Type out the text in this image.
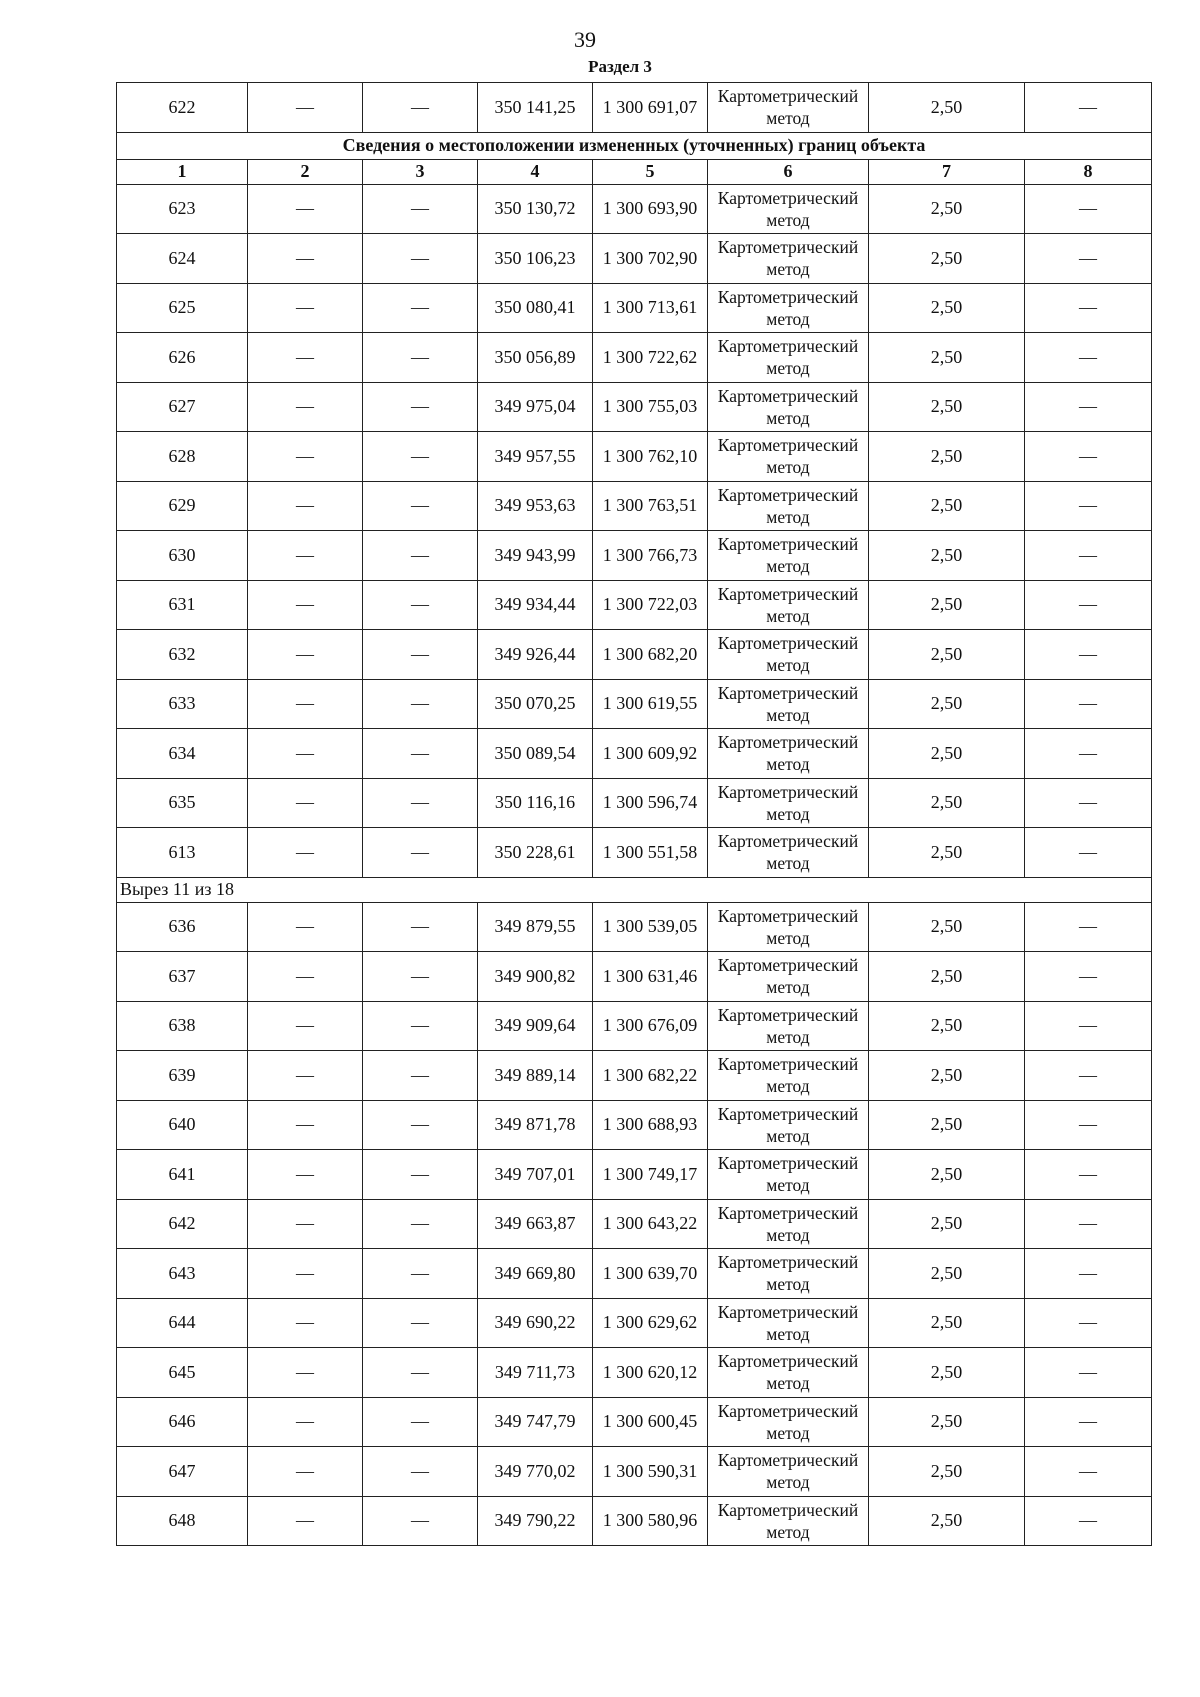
39
Раздел 3
622	—	—	350 141,25	1 300 691,07	Картометрический метод	2,50	—
Сведения о местоположении измененных (уточненных) границ объекта							
1	2	3	4	5	6	7	8
623	—	—	350 130,72	1 300 693,90	Картометрический метод	2,50	—
624	—	—	350 106,23	1 300 702,90	Картометрический метод	2,50	—
625	—	—	350 080,41	1 300 713,61	Картометрический метод	2,50	—
626	—	—	350 056,89	1 300 722,62	Картометрический метод	2,50	—
627	—	—	349 975,04	1 300 755,03	Картометрический метод	2,50	—
628	—	—	349 957,55	1 300 762,10	Картометрический метод	2,50	—
629	—	—	349 953,63	1 300 763,51	Картометрический метод	2,50	—
630	—	—	349 943,99	1 300 766,73	Картометрический метод	2,50	—
631	—	—	349 934,44	1 300 722,03	Картометрический метод	2,50	—
632	—	—	349 926,44	1 300 682,20	Картометрический метод	2,50	—
633	—	—	350 070,25	1 300 619,55	Картометрический метод	2,50	—
634	—	—	350 089,54	1 300 609,92	Картометрический метод	2,50	—
635	—	—	350 116,16	1 300 596,74	Картометрический метод	2,50	—
613	—	—	350 228,61	1 300 551,58	Картометрический метод	2,50	—
Вырез 11 из 18							
636	—	—	349 879,55	1 300 539,05	Картометрический метод	2,50	—
637	—	—	349 900,82	1 300 631,46	Картометрический метод	2,50	—
638	—	—	349 909,64	1 300 676,09	Картометрический метод	2,50	—
639	—	—	349 889,14	1 300 682,22	Картометрический метод	2,50	—
640	—	—	349 871,78	1 300 688,93	Картометрический метод	2,50	—
641	—	—	349 707,01	1 300 749,17	Картометрический метод	2,50	—
642	—	—	349 663,87	1 300 643,22	Картометрический метод	2,50	—
643	—	—	349 669,80	1 300 639,70	Картометрический метод	2,50	—
644	—	—	349 690,22	1 300 629,62	Картометрический метод	2,50	—
645	—	—	349 711,73	1 300 620,12	Картометрический метод	2,50	—
646	—	—	349 747,79	1 300 600,45	Картометрический метод	2,50	—
647	—	—	349 770,02	1 300 590,31	Картометрический метод	2,50	—
648	—	—	349 790,22	1 300 580,96	Картометрический метод	2,50	—
